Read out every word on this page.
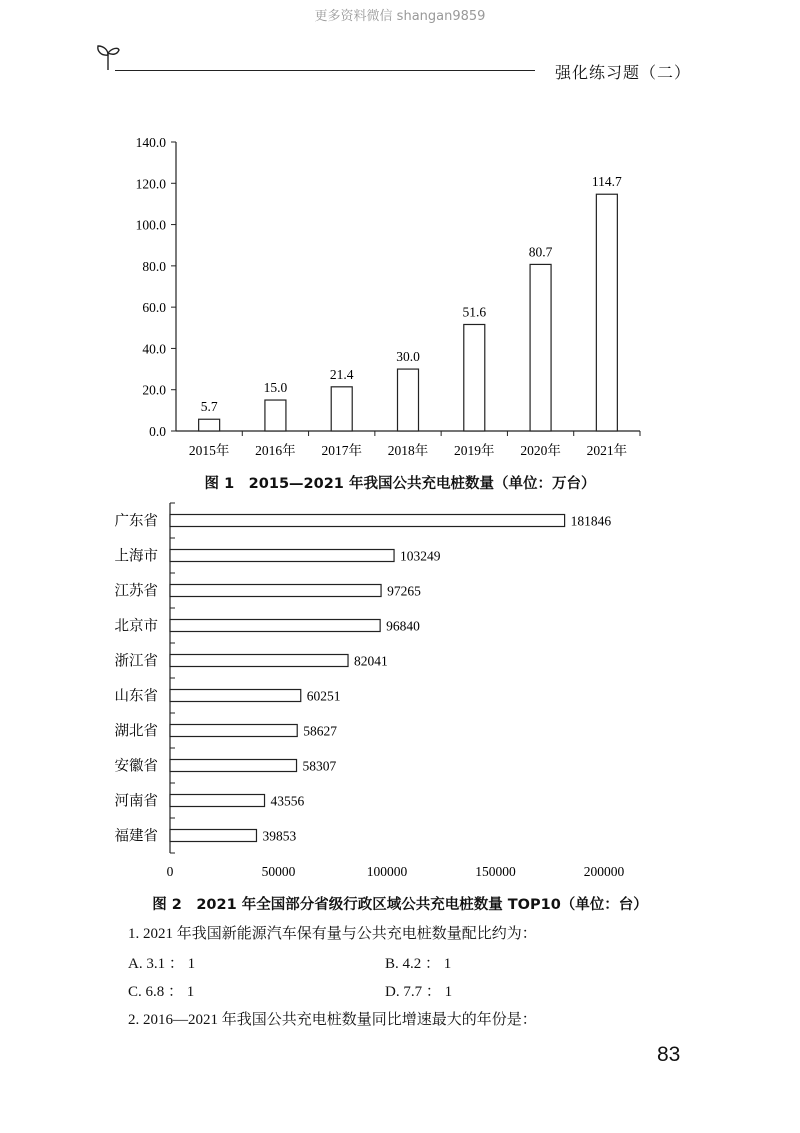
更多资料微信 shangan9859
强化练习题（二）
0.0
20.0
40.0
60.0
80.0
100.0
120.0
140.0
5.7
2015年
15.0
2016年
21.4
2017年
30.0
2018年
51.6
2019年
80.7
2020年
114.7
2021年
广东省	181846
上海市	103249
江苏省	97265
北京市	96840
浙江省	82041
山东省	60251
湖北省	58627
安徽省	58307
河南省	43556
福建省	39853
0	50000	100000	150000	200000
图 1　2015—2021 年我国公共充电桩数量（单位：万台）
图 2　2021 年全国部分省级行政区域公共充电桩数量 TOP10（单位：台）
1. 2021 年我国新能源汽车保有量与公共充电桩数量配比约为：
A. 3.1 ： 1	B. 4.2 ： 1
C. 6.8 ： 1	D. 7.7 ： 1
2. 2016—2021 年我国公共充电桩数量同比增速最大的年份是：
83
